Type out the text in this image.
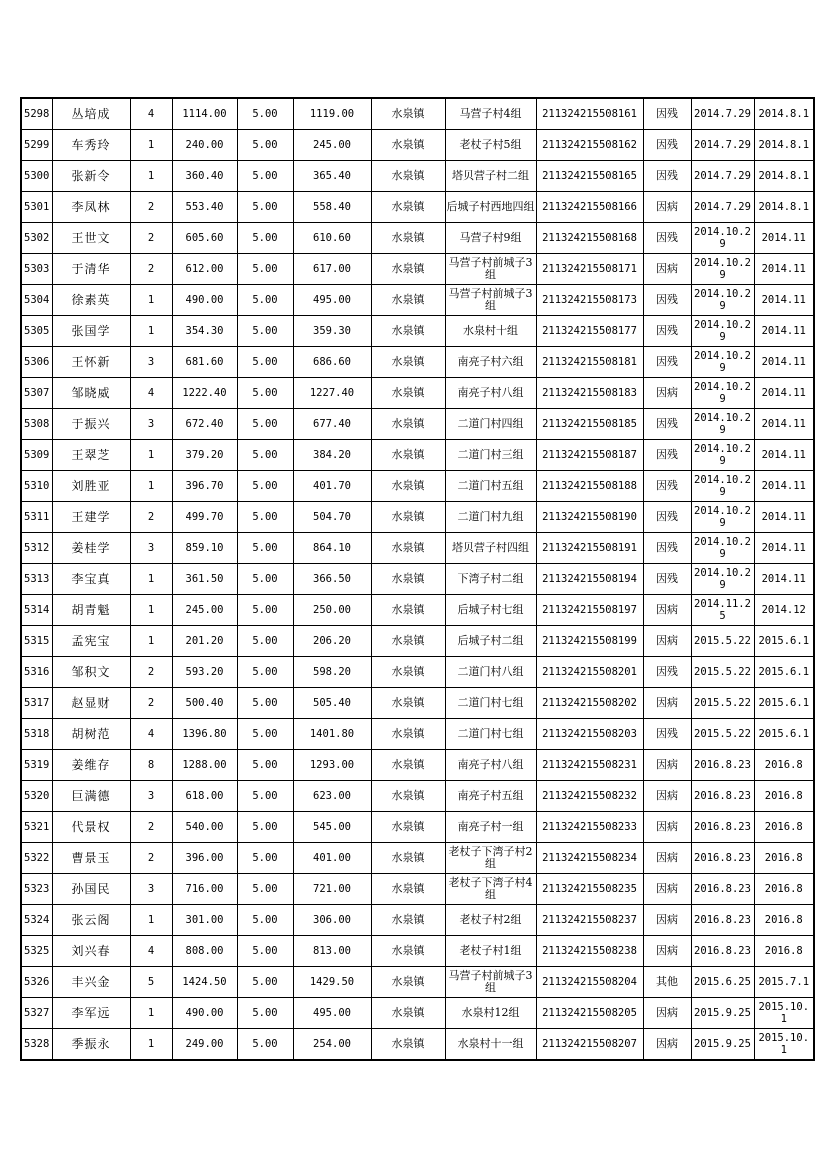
5298	丛培成	4	1114.00	5.00	1119.00	水泉镇	马营子村4组	211324215508161	因残	2014.7.29	2014.8.1
5299	车秀玲	1	240.00	5.00	245.00	水泉镇	老杖子村5组	211324215508162	因残	2014.7.29	2014.8.1
5300	张新令	1	360.40	5.00	365.40	水泉镇	塔贝营子村二组	211324215508165	因残	2014.7.29	2014.8.1
5301	李凤林	2	553.40	5.00	558.40	水泉镇	后城子村西地四组	211324215508166	因病	2014.7.29	2014.8.1
5302	王世文	2	605.60	5.00	610.60	水泉镇	马营子村9组	211324215508168	因残	2014.10.29	2014.11
5303	于清华	2	612.00	5.00	617.00	水泉镇	马营子村前城子3组	211324215508171	因病	2014.10.29	2014.11
5304	徐素英	1	490.00	5.00	495.00	水泉镇	马营子村前城子3组	211324215508173	因残	2014.10.29	2014.11
5305	张国学	1	354.30	5.00	359.30	水泉镇	水泉村十组	211324215508177	因残	2014.10.29	2014.11
5306	王怀新	3	681.60	5.00	686.60	水泉镇	南亮子村六组	211324215508181	因残	2014.10.29	2014.11
5307	邹晓威	4	1222.40	5.00	1227.40	水泉镇	南亮子村八组	211324215508183	因病	2014.10.29	2014.11
5308	于振兴	3	672.40	5.00	677.40	水泉镇	二道门村四组	211324215508185	因残	2014.10.29	2014.11
5309	王翠芝	1	379.20	5.00	384.20	水泉镇	二道门村三组	211324215508187	因残	2014.10.29	2014.11
5310	刘胜亚	1	396.70	5.00	401.70	水泉镇	二道门村五组	211324215508188	因残	2014.10.29	2014.11
5311	王建学	2	499.70	5.00	504.70	水泉镇	二道门村九组	211324215508190	因残	2014.10.29	2014.11
5312	姜桂学	3	859.10	5.00	864.10	水泉镇	塔贝营子村四组	211324215508191	因残	2014.10.29	2014.11
5313	李宝真	1	361.50	5.00	366.50	水泉镇	下湾子村二组	211324215508194	因残	2014.10.29	2014.11
5314	胡青魁	1	245.00	5.00	250.00	水泉镇	后城子村七组	211324215508197	因病	2014.11.25	2014.12
5315	孟宪宝	1	201.20	5.00	206.20	水泉镇	后城子村二组	211324215508199	因病	2015.5.22	2015.6.1
5316	邹积文	2	593.20	5.00	598.20	水泉镇	二道门村八组	211324215508201	因残	2015.5.22	2015.6.1
5317	赵显财	2	500.40	5.00	505.40	水泉镇	二道门村七组	211324215508202	因病	2015.5.22	2015.6.1
5318	胡树范	4	1396.80	5.00	1401.80	水泉镇	二道门村七组	211324215508203	因残	2015.5.22	2015.6.1
5319	姜维存	8	1288.00	5.00	1293.00	水泉镇	南亮子村八组	211324215508231	因病	2016.8.23	2016.8
5320	巨满德	3	618.00	5.00	623.00	水泉镇	南亮子村五组	211324215508232	因病	2016.8.23	2016.8
5321	代景权	2	540.00	5.00	545.00	水泉镇	南亮子村一组	211324215508233	因病	2016.8.23	2016.8
5322	曹景玉	2	396.00	5.00	401.00	水泉镇	老杖子下湾子村2组	211324215508234	因病	2016.8.23	2016.8
5323	孙国民	3	716.00	5.00	721.00	水泉镇	老杖子下湾子村4组	211324215508235	因病	2016.8.23	2016.8
5324	张云阁	1	301.00	5.00	306.00	水泉镇	老杖子村2组	211324215508237	因病	2016.8.23	2016.8
5325	刘兴春	4	808.00	5.00	813.00	水泉镇	老杖子村1组	211324215508238	因病	2016.8.23	2016.8
5326	丰兴金	5	1424.50	5.00	1429.50	水泉镇	马营子村前城子3组	211324215508204	其他	2015.6.25	2015.7.1
5327	李军远	1	490.00	5.00	495.00	水泉镇	水泉村12组	211324215508205	因病	2015.9.25	2015.10.1
5328	季振永	1	249.00	5.00	254.00	水泉镇	水泉村十一组	211324215508207	因病	2015.9.25	2015.10.1
